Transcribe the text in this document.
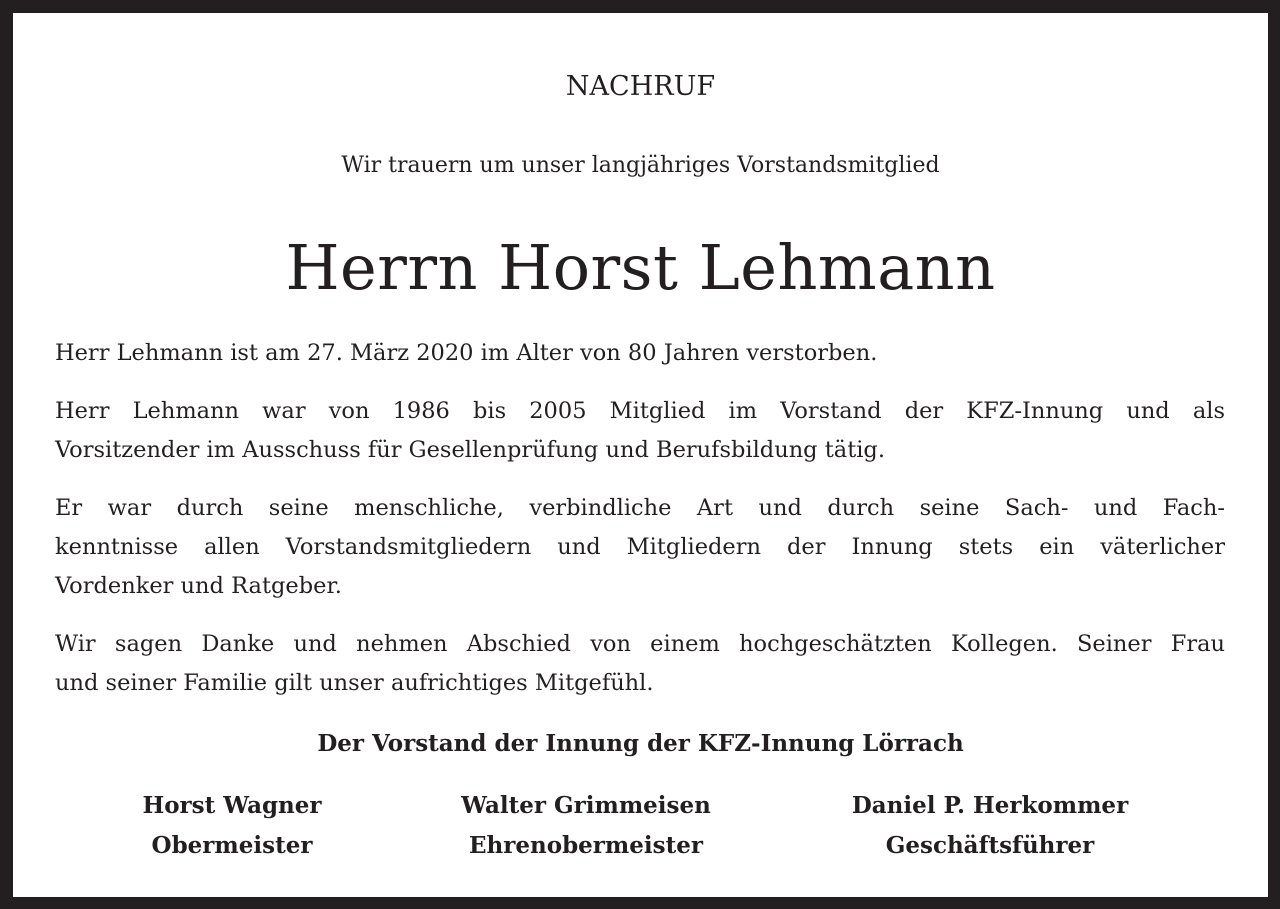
NACHRUF
Wir trauern um unser langjähriges Vorstandsmitglied
Herrn Horst Lehmann
Herr Lehmann ist am 27. März 2020 im Alter von 80 Jahren verstorben.
Herr Lehmann war von 1986 bis 2005 Mitglied im Vorstand der KFZ-Innung und als
Vorsitzender im Ausschuss für Gesellenprüfung und Berufsbildung tätig.
Er war durch seine menschliche, verbindliche Art und durch seine Sach- und Fach-
kenntnisse allen Vorstandsmitgliedern und Mitgliedern der Innung stets ein väterlicher
Vordenker und Ratgeber.
Wir sagen Danke und nehmen Abschied von einem hochgeschätzten Kollegen. Seiner Frau
und seiner Familie gilt unser aufrichtiges Mitgefühl.
Der Vorstand der Innung der KFZ-Innung Lörrach
Horst Wagner
Obermeister
Walter Grimmeisen
Ehrenobermeister
Daniel P. Herkommer
Geschäftsführer
